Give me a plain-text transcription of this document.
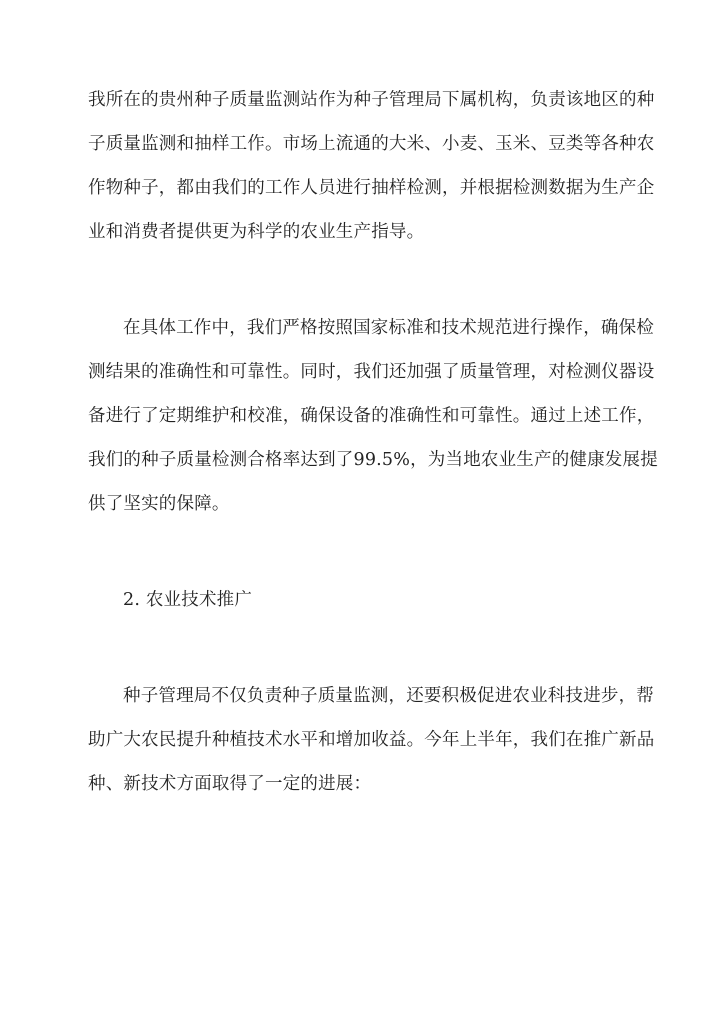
我所在的贵州种子质量监测站作为种子管理局下属机构，负责该地区的种
子质量监测和抽样工作。市场上流通的大米、小麦、玉米、豆类等各种农
作物种子，都由我们的工作人员进行抽样检测，并根据检测数据为生产企
业和消费者提供更为科学的农业生产指导。
在具体工作中，我们严格按照国家标准和技术规范进行操作，确保检
测结果的准确性和可靠性。同时，我们还加强了质量管理，对检测仪器设
备进行了定期维护和校准，确保设备的准确性和可靠性。通过上述工作，
我们的种子质量检测合格率达到了99.5%，为当地农业生产的健康发展提
供了坚实的保障。
2. 农业技术推广
种子管理局不仅负责种子质量监测，还要积极促进农业科技进步，帮
助广大农民提升种植技术水平和增加收益。今年上半年，我们在推广新品
种、新技术方面取得了一定的进展：
